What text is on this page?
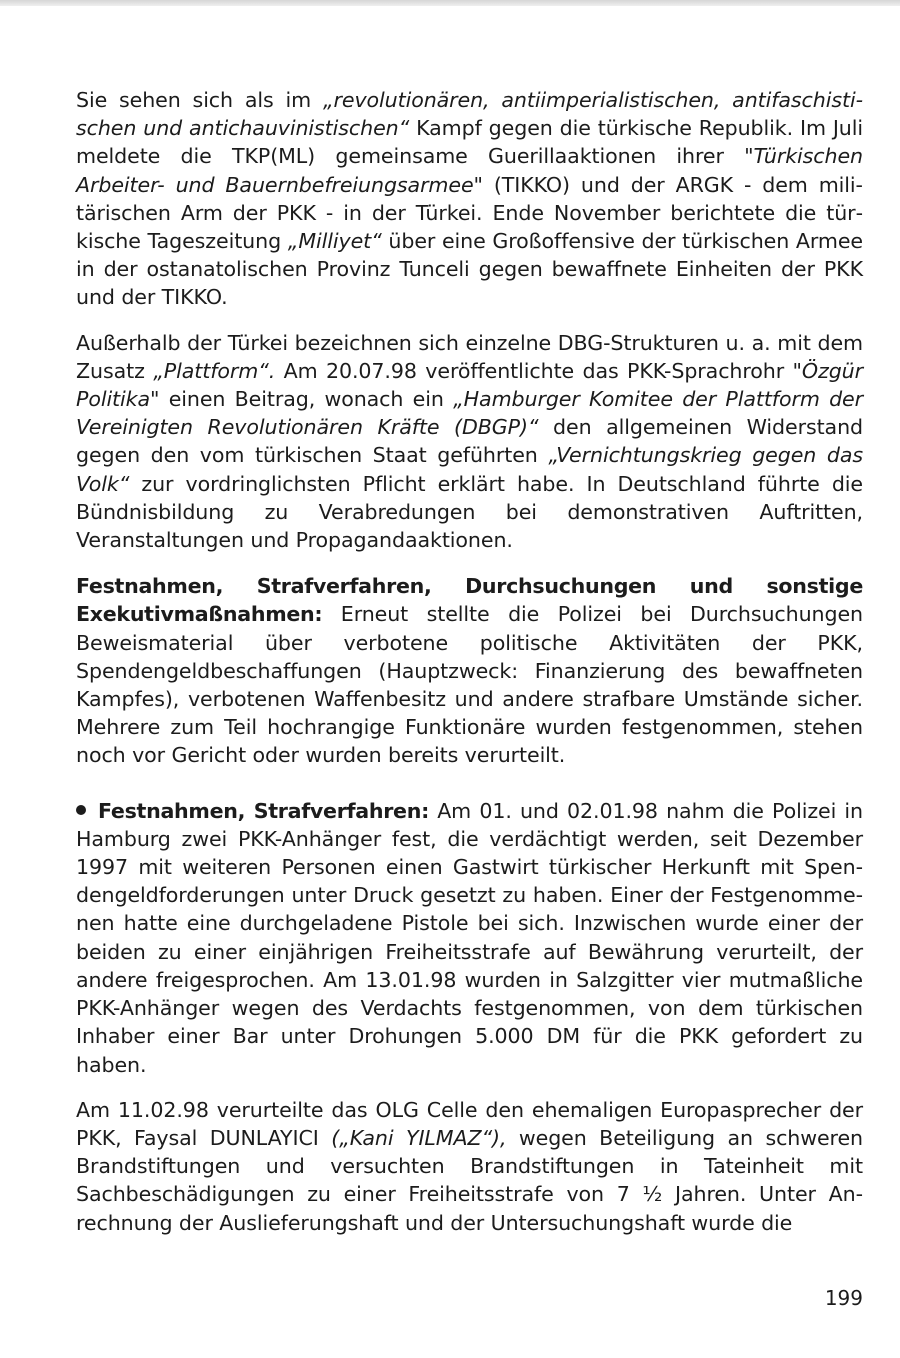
Sie sehen sich als im „revolutionären, antiimperialistischen, antifaschistischen und antichauvinistischen“ Kampf gegen die türkische Republik. Im Juli meldete die TKP(ML) gemeinsame Guerillaaktionen ihrer "Türkischen Arbeiter- und Bauernbefreiungsarmee" (TIKKO) und der ARGK - dem militärischen Arm der PKK - in der Türkei. Ende November berichtete die türkische Tageszeitung „Milliyet“ über eine Großoffensive der türkischen Armee in der ostanatolischen Provinz Tunceli gegen bewaffnete Einheiten der PKK und der TIKKO.

Außerhalb der Türkei bezeichnen sich einzelne DBG-Strukturen u. a. mit dem Zusatz „Plattform“. Am 20.07.98 veröffentlichte das PKK-Sprachrohr "Özgür Politika" einen Beitrag, wonach ein „Hamburger Komitee der Plattform der Vereinigten Revolutionären Kräfte (DBGP)“ den allgemeinen Widerstand gegen den vom türkischen Staat geführten „Vernichtungskrieg gegen das Volk“ zur vordringlichsten Pflicht erklärt habe. In Deutschland führte die Bündnisbildung zu Verabredungen bei demonstrativen Auftritten, Veranstaltungen und Propagandaaktionen.

Festnahmen, Strafverfahren, Durchsuchungen und sonstige Exekutivmaßnahmen: Erneut stellte die Polizei bei Durchsuchungen Beweismaterial über verbotene politische Aktivitäten der PKK, Spendengeldbeschaffungen (Hauptzweck: Finanzierung des bewaffneten Kampfes), verbotenen Waffenbesitz und andere strafbare Umstände sicher. Mehrere zum Teil hochrangige Funktionäre wurden festgenommen, stehen noch vor Gericht oder wurden bereits verurteilt.

Festnahmen, Strafverfahren: Am 01. und 02.01.98 nahm die Polizei in Hamburg zwei PKK-Anhänger fest, die verdächtigt werden, seit Dezember 1997 mit weiteren Personen einen Gastwirt türkischer Herkunft mit Spendengeldforderungen unter Druck gesetzt zu haben. Einer der Festgenommenen hatte eine durchgeladene Pistole bei sich. Inzwischen wurde einer der beiden zu einer einjährigen Freiheitsstrafe auf Bewährung verurteilt, der andere freigesprochen. Am 13.01.98 wurden in Salzgitter vier mutmaßliche PKK-Anhänger wegen des Verdachts festgenommen, von dem türkischen Inhaber einer Bar unter Drohungen 5.000 DM für die PKK gefordert zu haben.

Am 11.02.98 verurteilte das OLG Celle den ehemaligen Europasprecher der PKK, Faysal DUNLAYICI („Kani YILMAZ“), wegen Beteiligung an schweren Brandstiftungen und versuchten Brandstiftungen in Tateinheit mit Sachbeschädigungen zu einer Freiheitsstrafe von 7 ½ Jahren. Unter Anrechnung der Auslieferungshaft und der Untersuchungshaft wurde die

199
